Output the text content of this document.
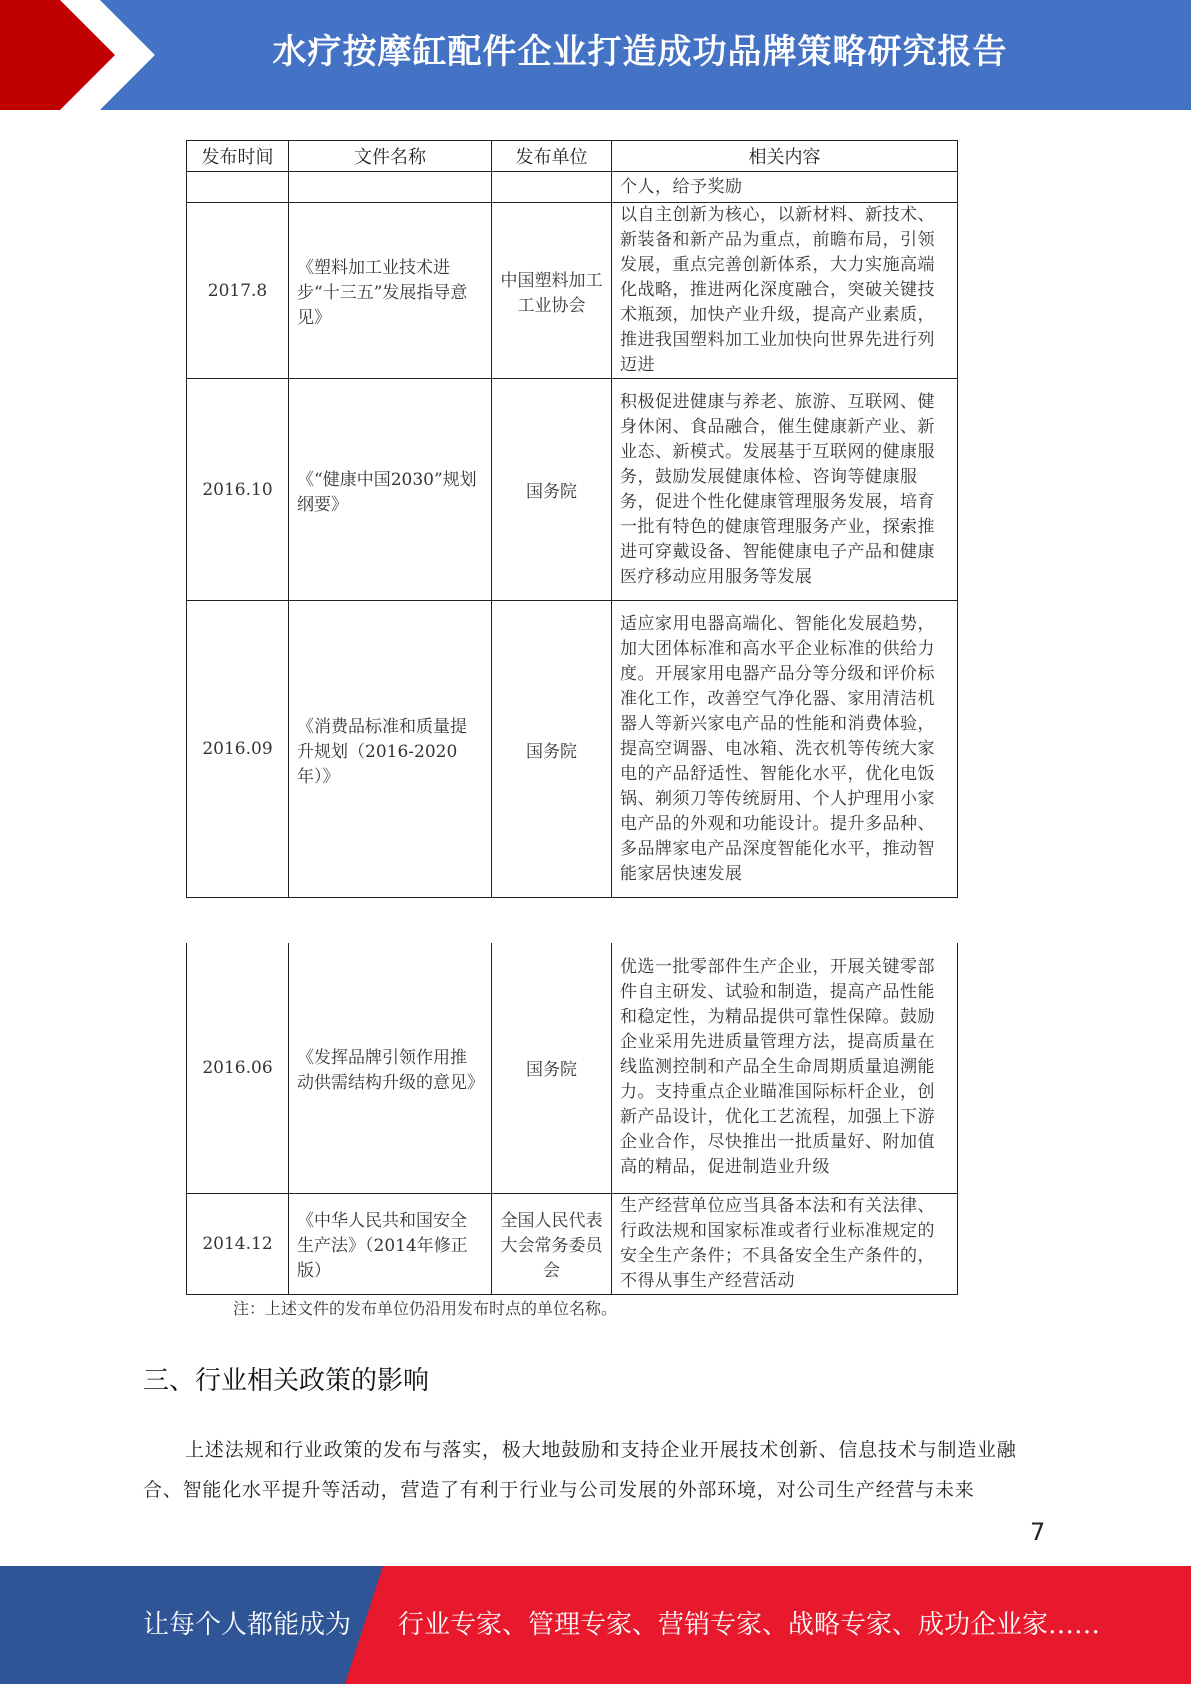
水疗按摩缸配件企业打造成功品牌策略研究报告
发布时间	文件名称	发布单位	相关内容
			个人，给予奖励
2017.8	《塑料加工业技术进步“十三五”发展指导意见》	中国塑料加工工业协会	以自主创新为核心，以新材料、新技术、新装备和新产品为重点，前瞻布局，引领发展，重点完善创新体系，大力实施高端化战略，推进两化深度融合，突破关键技术瓶颈，加快产业升级，提高产业素质，推进我国塑料加工业加快向世界先进行列迈进
2016.10	《“健康中国2030”规划纲要》	国务院	积极促进健康与养老、旅游、互联网、健身休闲、食品融合，催生健康新产业、新业态、新模式。发展基于互联网的健康服务，鼓励发展健康体检、咨询等健康服务，促进个性化健康管理服务发展，培育一批有特色的健康管理服务产业，探索推进可穿戴设备、智能健康电子产品和健康医疗移动应用服务等发展
2016.09	《消费品标准和质量提升规划（2016-2020年）》	国务院	适应家用电器高端化、智能化发展趋势，加大团体标准和高水平企业标准的供给力度。开展家用电器产品分等分级和评价标准化工作，改善空气净化器、家用清洁机器人等新兴家电产品的性能和消费体验，提高空调器、电冰箱、洗衣机等传统大家电的产品舒适性、智能化水平，优化电饭锅、剃须刀等传统厨用、个人护理用小家电产品的外观和功能设计。提升多品种、多品牌家电产品深度智能化水平，推动智能家居快速发展
2016.06	《发挥品牌引领作用推动供需结构升级的意见》	国务院	优选一批零部件生产企业，开展关键零部件自主研发、试验和制造，提高产品性能和稳定性，为精品提供可靠性保障。鼓励企业采用先进质量管理方法，提高质量在线监测控制和产品全生命周期质量追溯能力。支持重点企业瞄准国际标杆企业，创新产品设计，优化工艺流程，加强上下游企业合作，尽快推出一批质量好、附加值高的精品，促进制造业升级
2014.12	《中华人民共和国安全生产法》（2014年修正版）	全国人民代表大会常务委员会	生产经营单位应当具备本法和有关法律、行政法规和国家标准或者行业标准规定的安全生产条件；不具备安全生产条件的，不得从事生产经营活动
注：上述文件的发布单位仍沿用发布时点的单位名称。
三、行业相关政策的影响
上述法规和行业政策的发布与落实，极大地鼓励和支持企业开展技术创新、信息技术与制造业融合、智能化水平提升等活动，营造了有利于行业与公司发展的外部环境，对公司生产经营与未来
7
让每个人都能成为 行业专家、管理专家、营销专家、战略专家、成功企业家……
